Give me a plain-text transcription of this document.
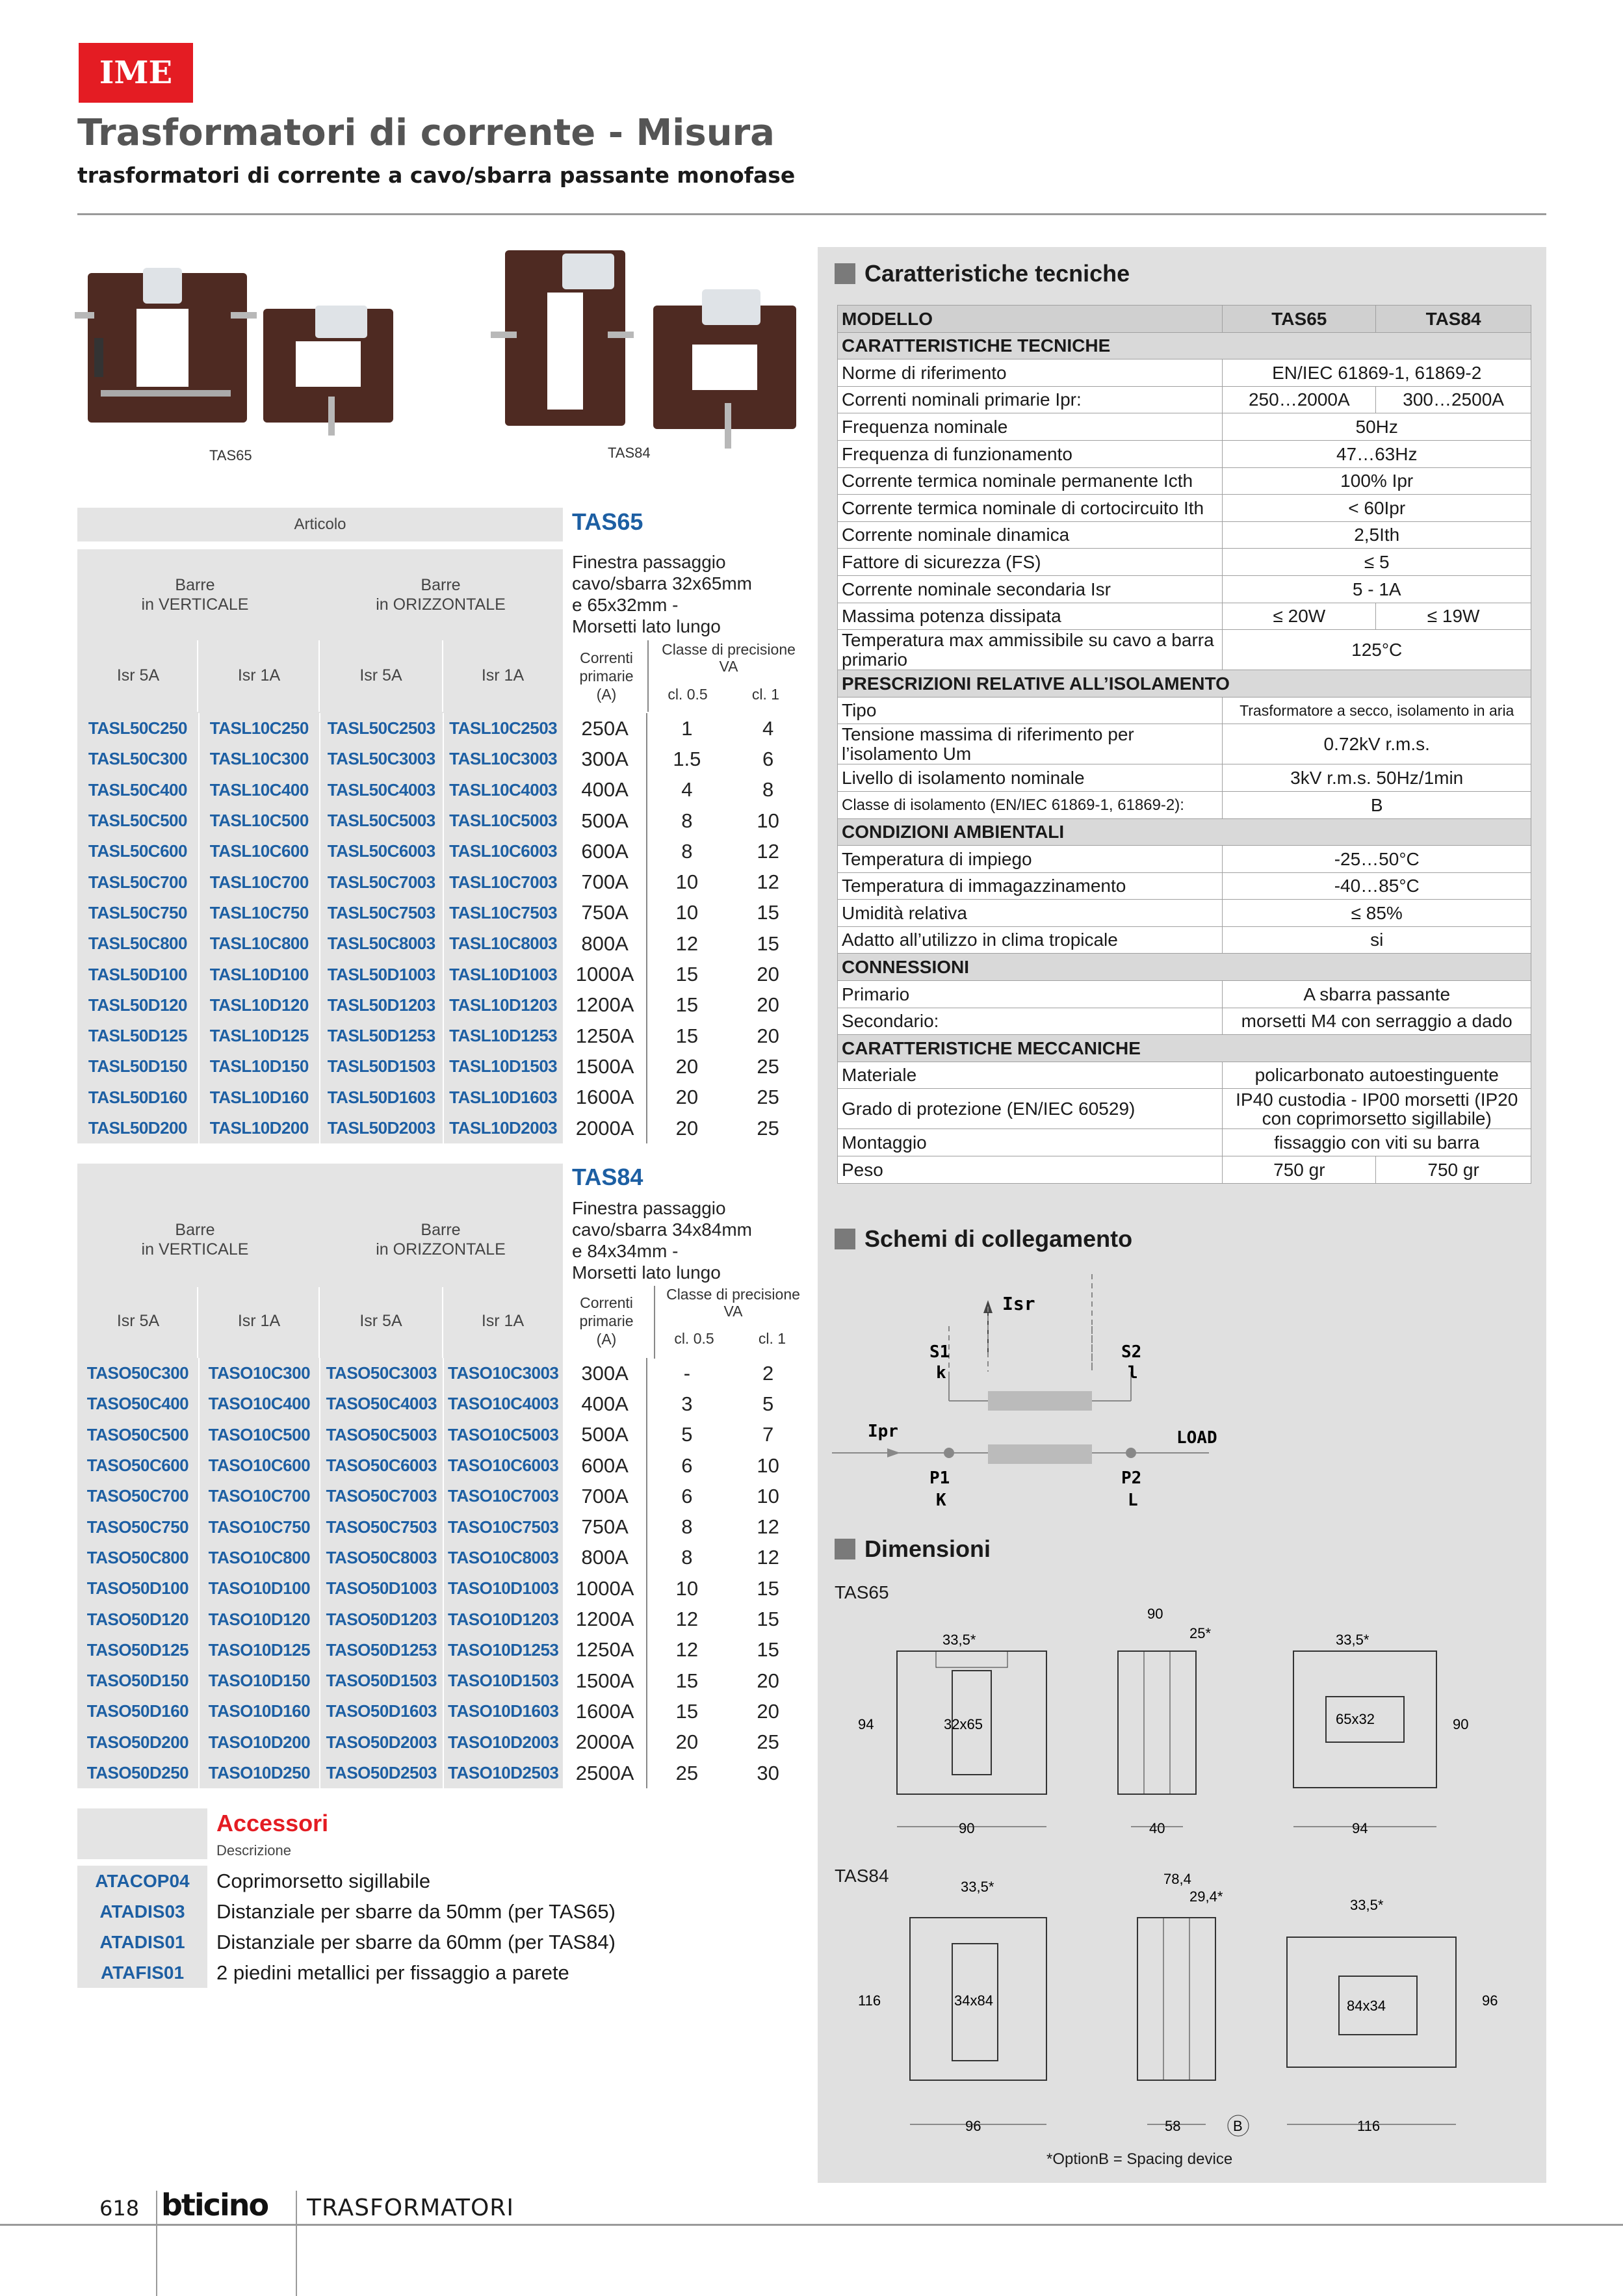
IME
Trasformatori di corrente - Misura
trasformatori di corrente a cavo/sbarra passante monofase
TAS65	TAS84
Articolo	TAS65
Barre
in VERTICALE
Barre
in ORIZZONTALE
Isr 5A	Isr 1A	Isr 5A	Isr 1A
Finestra passaggio
cavo/sbarra 32x65mm
e 65x32mm -
Morsetti lato lungo
Correnti
primarie
(A)
Classe di precisione
VA
cl. 0.5	cl. 1
TASL50C250	TASL10C250	TASL50C2503	TASL10C2503	250A	1	4
TASL50C300	TASL10C300	TASL50C3003	TASL10C3003	300A	1.5	6
TASL50C400	TASL10C400	TASL50C4003	TASL10C4003	400A	4	8
TASL50C500	TASL10C500	TASL50C5003	TASL10C5003	500A	8	10
TASL50C600	TASL10C600	TASL50C6003	TASL10C6003	600A	8	12
TASL50C700	TASL10C700	TASL50C7003	TASL10C7003	700A	10	12
TASL50C750	TASL10C750	TASL50C7503	TASL10C7503	750A	10	15
TASL50C800	TASL10C800	TASL50C8003	TASL10C8003	800A	12	15
TASL50D100	TASL10D100	TASL50D1003	TASL10D1003	1000A	15	20
TASL50D120	TASL10D120	TASL50D1203	TASL10D1203	1200A	15	20
TASL50D125	TASL10D125	TASL50D1253	TASL10D1253	1250A	15	20
TASL50D150	TASL10D150	TASL50D1503	TASL10D1503	1500A	20	25
TASL50D160	TASL10D160	TASL50D1603	TASL10D1603	1600A	20	25
TASL50D200	TASL10D200	TASL50D2003	TASL10D2003	2000A	20	25
TAS84
Finestra passaggio
cavo/sbarra 34x84mm
e 84x34mm -
Morsetti lato lungo
Barre
in VERTICALE
Barre
in ORIZZONTALE
Isr 5A	Isr 1A	Isr 5A	Isr 1A
Correnti
primarie
(A)
Classe di precisione
VA
cl. 0.5	cl. 1
TASO50C300	TASO10C300	TASO50C3003	TASO10C3003	300A	-	2
TASO50C400	TASO10C400	TASO50C4003	TASO10C4003	400A	3	5
TASO50C500	TASO10C500	TASO50C5003	TASO10C5003	500A	5	7
TASO50C600	TASO10C600	TASO50C6003	TASO10C6003	600A	6	10
TASO50C700	TASO10C700	TASO50C7003	TASO10C7003	700A	6	10
TASO50C750	TASO10C750	TASO50C7503	TASO10C7503	750A	8	12
TASO50C800	TASO10C800	TASO50C8003	TASO10C8003	800A	8	12
TASO50D100	TASO10D100	TASO50D1003	TASO10D1003	1000A	10	15
TASO50D120	TASO10D120	TASO50D1203	TASO10D1203	1200A	12	15
TASO50D125	TASO10D125	TASO50D1253	TASO10D1253	1250A	12	15
TASO50D150	TASO10D150	TASO50D1503	TASO10D1503	1500A	15	20
TASO50D160	TASO10D160	TASO50D1603	TASO10D1603	1600A	15	20
TASO50D200	TASO10D200	TASO50D2003	TASO10D2003	2000A	20	25
TASO50D250	TASO10D250	TASO50D2503	TASO10D2503	2500A	25	30
Accessori
Descrizione
ATACOP04	Coprimorsetto sigillabile
ATADIS03	Distanziale per sbarre da 50mm (per TAS65)
ATADIS01	Distanziale per sbarre da 60mm (per TAS84)
ATAFIS01	2 piedini metallici per fissaggio a parete
Caratteristiche tecniche
MODELLO	TAS65	TAS84
CARATTERISTICHE TECNICHE		
Norme di riferimento	EN/IEC 61869-1, 61869-2	
Correnti nominali primarie Ipr:	250…2000A	300…2500A
Frequenza nominale	50Hz	
Frequenza di funzionamento	47…63Hz	
Corrente termica nominale permanente Icth	100% Ipr	
Corrente termica nominale di cortocircuito Ith	< 60Ipr	
Corrente nominale dinamica	2,5Ith	
Fattore di sicurezza (FS)	≤ 5	
Corrente nominale secondaria Isr	5 - 1A	
Massima potenza dissipata	≤ 20W	≤ 19W
Temperatura max ammissibile su cavo a barra primario	125°C	
PRESCRIZIONI RELATIVE ALL’ISOLAMENTO		
Tipo	Trasformatore a secco, isolamento in aria	
Tensione massima di riferimento per l’isolamento Um	0.72kV r.m.s.	
Livello di isolamento nominale	3kV r.m.s. 50Hz/1min	
Classe di isolamento (EN/IEC 61869-1, 61869-2):	B	
CONDIZIONI AMBIENTALI		
Temperatura di impiego	-25…50°C	
Temperatura di immagazzinamento	-40…85°C	
Umidità relativa	≤ 85%	
Adatto all’utilizzo in clima tropicale	si	
CONNESSIONI		
Primario	A sbarra passante	
Secondario:	morsetti M4 con serraggio a dado	
CARATTERISTICHE MECCANICHE		
Materiale	policarbonato autoestinguente	
Grado di protezione (EN/IEC 60529)	IP40 custodia - IP00 morsetti (IP20 con coprimorsetto sigillabile)	
Montaggio	fissaggio con viti su barra	
Peso	750 gr	750 gr
Schemi di collegamento
Isr
S1
k
S2
l
Ipr	LOAD
P1
K
P2
L
Dimensioni
TAS65
33,5*
32x65
94
90
90
25*
40
33,5*
65x32	90
94
TAS84
33,5*
34x84
116
96
78,4
29,4*
58	B
33,5*
84x34	96
116
*OptionB = Spacing device
618 bticino TRASFORMATORI
